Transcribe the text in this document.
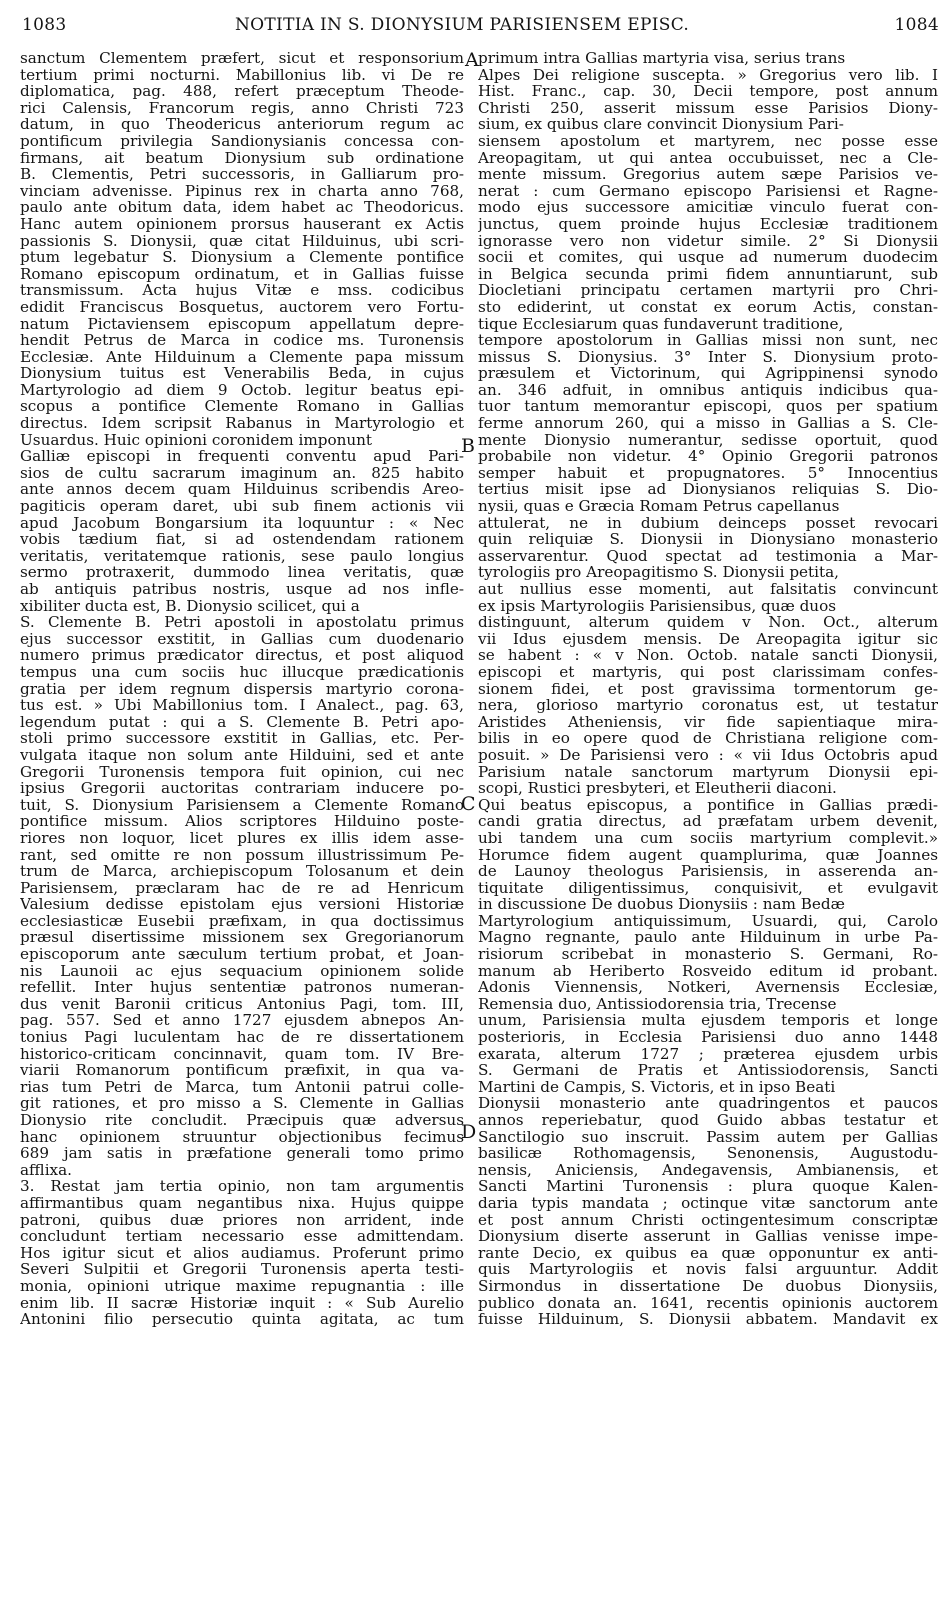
1083	NOTITIA IN S. DIONYSIUM PARISIENSEM EPISC.	1084
sanctum Clementem præfert, sicut et responsorium
tertium primi nocturni. Mabillonius lib. vi De re
diplomatica, pag. 488, refert præceptum Theode-
rici Calensis, Francorum regis, anno Christi 723
datum, in quo Theodericus anteriorum regum ac
pontificum privilegia Sandionysianis concessa con-
firmans, ait beatum Dionysium sub ordinatione
B. Clementis, Petri successoris, in Galliarum pro-
vinciam advenisse. Pipinus rex in charta anno 768,
paulo ante obitum data, idem habet ac Theodoricus.
Hanc autem opinionem prorsus hauserant ex Actis
passionis S. Dionysii, quæ citat Hilduinus, ubi scri-
ptum legebatur S. Dionysium a Clemente pontifice
Romano episcopum ordinatum, et in Gallias fuisse
transmissum. Acta hujus Vitæ e mss. codicibus
edidit Franciscus Bosquetus, auctorem vero Fortu-
natum Pictaviensem episcopum appellatum depre-
hendit Petrus de Marca in codice ms. Turonensis
Ecclesiæ. Ante Hilduinum a Clemente papa missum
Dionysium tuitus est Venerabilis Beda, in cujus
Martyrologio ad diem 9 Octob. legitur beatus epi-
scopus a pontifice Clemente Romano in Gallias
directus. Idem scripsit Rabanus in Martyrologio et
Usuardus. Huic opinioni coronidem imponunt
Galliæ episcopi in frequenti conventu apud Pari-
sios de cultu sacrarum imaginum an. 825 habito
ante annos decem quam Hilduinus scribendis Areo-
pagiticis operam daret, ubi sub finem actionis vii
apud Jacobum Bongarsium ita loquuntur : « Nec
vobis tædium fiat, si ad ostendendam rationem
veritatis, veritatemque rationis, sese paulo longius
sermo protraxerit, dummodo linea veritatis, quæ
ab antiquis patribus nostris, usque ad nos infle-
xibiliter ducta est, B. Dionysio scilicet, qui a
S. Clemente B. Petri apostoli in apostolatu primus
ejus successor exstitit, in Gallias cum duodenario
numero primus prædicator directus, et post aliquod
tempus una cum sociis huc illucque prædicationis
gratia per idem regnum dispersis martyrio corona-
tus est. » Ubi Mabillonius tom. I Analect., pag. 63,
legendum putat : qui a S. Clemente B. Petri apo-
stoli primo successore exstitit in Gallias, etc. Per-
vulgata itaque non solum ante Hilduini, sed et ante
Gregorii Turonensis tempora fuit opinion, cui nec
ipsius Gregorii auctoritas contrariam inducere po-
tuit, S. Dionysium Parisiensem a Clemente Romano
pontifice missum. Alios scriptores Hilduino poste-
riores non loquor, licet plures ex illis idem asse-
rant, sed omitte re non possum illustrissimum Pe-
trum de Marca, archiepiscopum Tolosanum et dein
Parisiensem, præclaram hac de re ad Henricum
Valesium dedisse epistolam ejus versioni Historiæ
ecclesiasticæ Eusebii præfixam, in qua doctissimus
præsul disertissime missionem sex Gregorianorum
episcoporum ante sæculum tertium probat, et Joan-
nis Launoii ac ejus sequacium opinionem solide
refellit. Inter hujus sententiæ patronos numeran-
dus venit Baronii criticus Antonius Pagi, tom. III,
pag. 557. Sed et anno 1727 ejusdem abnepos An-
tonius Pagi luculentam hac de re dissertationem
historico-criticam concinnavit, quam tom. IV Bre-
viarii Romanorum pontificum præfixit, in qua va-
rias tum Petri de Marca, tum Antonii patrui colle-
git rationes, et pro misso a S. Clemente in Gallias
Dionysio rite concludit. Præcipuis quæ adversus
hanc opinionem struuntur objectionibus fecimus
689 jam satis in præfatione generali tomo primo
afflixa.
3. Restat jam tertia opinio, non tam argumentis
affirmantibus quam negantibus nixa. Hujus quippe
patroni, quibus duæ priores non arrident, inde
concludunt tertiam necessario esse admittendam.
Hos igitur sicut et alios audiamus. Proferunt primo
Severi Sulpitii et Gregorii Turonensis aperta testi-
monia, opinioni utrique maxime repugnantia : ille
enim lib. II sacræ Historiæ inquit : « Sub Aurelio
Antonini filio persecutio quinta agitata, ac tum
primum intra Gallias martyria visa, serius trans
Alpes Dei religione suscepta. » Gregorius vero lib. I
Hist. Franc., cap. 30, Decii tempore, post annum
Christi 250, asserit missum esse Parisios Diony-
sium, ex quibus clare convincit Dionysium Pari-
siensem apostolum et martyrem, nec posse esse
Areopagitam, ut qui antea occubuisset, nec a Cle-
mente missum. Gregorius autem sæpe Parisios ve-
nerat : cum Germano episcopo Parisiensi et Ragne-
modo ejus successore amicitiæ vinculo fuerat con-
junctus, quem proinde hujus Ecclesiæ traditionem
ignorasse vero non videtur simile. 2° Si Dionysii
socii et comites, qui usque ad numerum duodecim
in Belgica secunda primi fidem annuntiarunt, sub
Diocletiani principatu certamen martyrii pro Chri-
sto ediderint, ut constat ex eorum Actis, constan-
tique Ecclesiarum quas fundaverunt traditione,
tempore apostolorum in Gallias missi non sunt, nec
missus S. Dionysius. 3° Inter S. Dionysium proto-
præsulem et Victorinum, qui Agrippinensi synodo
an. 346 adfuit, in omnibus antiquis indicibus qua-
tuor tantum memorantur episcopi, quos per spatium
ferme annorum 260, qui a misso in Gallias a S. Cle-
mente Dionysio numerantur, sedisse oportuit, quod
probabile non videtur. 4° Opinio Gregorii patronos
semper habuit et propugnatores. 5° Innocentius
tertius misit ipse ad Dionysianos reliquias S. Dio-
nysii, quas e Græcia Romam Petrus capellanus
attulerat, ne in dubium deinceps posset revocari
quin reliquiæ S. Dionysii in Dionysiano monasterio
asservarentur. Quod spectat ad testimonia a Mar-
tyrologiis pro Areopagitismo S. Dionysii petita,
aut nullius esse momenti, aut falsitatis convincunt
ex ipsis Martyrologiis Parisiensibus, quæ duos
distinguunt, alterum quidem v Non. Oct., alterum
vii Idus ejusdem mensis. De Areopagita igitur sic
se habent : « v Non. Octob. natale sancti Dionysii,
episcopi et martyris, qui post clarissimam confes-
sionem fidei, et post gravissima tormentorum ge-
nera, glorioso martyrio coronatus est, ut testatur
Aristides Atheniensis, vir fide sapientiaque mira-
bilis in eo opere quod de Christiana religione com-
posuit. » De Parisiensi vero : « vii Idus Octobris apud
Parisium natale sanctorum martyrum Dionysii epi-
scopi, Rustici presbyteri, et Eleutherii diaconi.
Qui beatus episcopus, a pontifice in Gallias prædi-
candi gratia directus, ad præfatam urbem devenit,
ubi tandem una cum sociis martyrium complevit.»
Horumce fidem augent quamplurima, quæ Joannes
de Launoy theologus Parisiensis, in asserenda an-
tiquitate diligentissimus, conquisivit, et evulgavit
in discussione De duobus Dionysiis : nam Bedæ
Martyrologium antiquissimum, Usuardi, qui, Carolo
Magno regnante, paulo ante Hilduinum in urbe Pa-
risiorum scribebat in monasterio S. Germani, Ro-
manum ab Heriberto Rosveido editum id probant.
Adonis Viennensis, Notkeri, Avernensis Ecclesiæ,
Remensia duo, Antissiodorensia tria, Trecense
unum, Parisiensia multa ejusdem temporis et longe
posterioris, in Ecclesia Parisiensi duo anno 1448
exarata, alterum 1727 ; præterea ejusdem urbis
S. Germani de Pratis et Antissiodorensis, Sancti
Martini de Campis, S. Victoris, et in ipso Beati
Dionysii monasterio ante quadringentos et paucos
annos reperiebatur, quod Guido abbas testatur et
Sanctilogio suo inscruit. Passim autem per Gallias
basilicæ Rothomagensis, Senonensis, Augustodu-
nensis, Aniciensis, Andegavensis, Ambianensis, et
Sancti Martini Turonensis : plura quoque Kalen-
daria typis mandata ; octinque vitæ sanctorum ante
et post annum Christi octingentesimum conscriptæ
Dionysium diserte asserunt in Gallias venisse impe-
rante Decio, ex quibus ea quæ opponuntur ex anti-
quis Martyrologiis et novis falsi arguuntur. Addit
Sirmondus in dissertatione De duobus Dionysiis,
publico donata an. 1641, recentis opinionis auctorem
fuisse Hilduinum, S. Dionysii abbatem. Mandavit ex
A
B
C
D
